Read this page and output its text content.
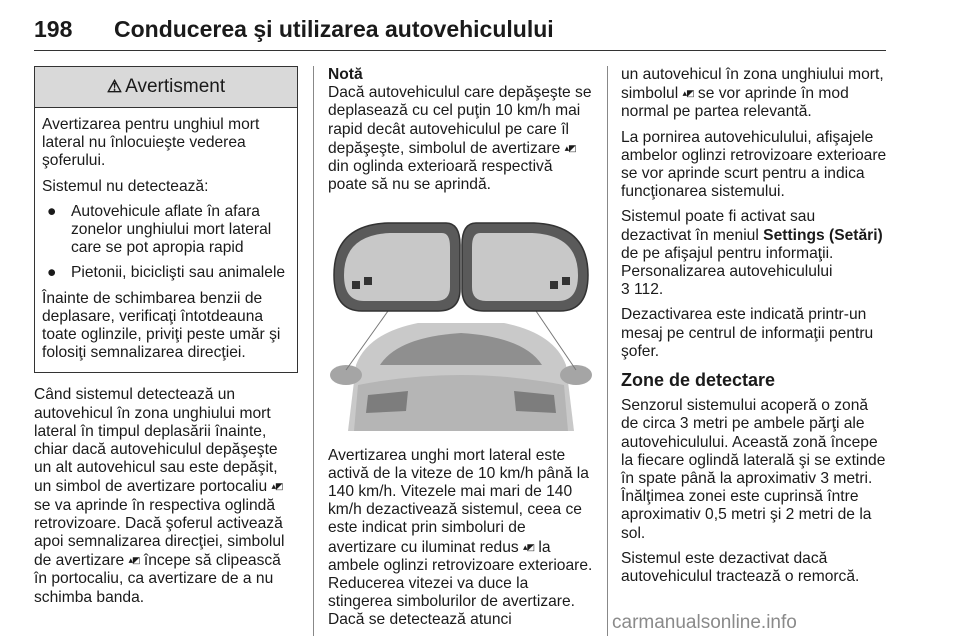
198 Conducerea şi utilizarea autovehiculului
⚠ Avertisment

Avertizarea pentru unghiul mort lateral nu înlocuieşte vederea şoferului.

Sistemul nu detectează:

● Autovehicule aflate în afara zonelor unghiului mort lateral care se pot apropia rapid
● Pietonii, biciclişti sau animalele

Înainte de schimbarea benzii de deplasare, verificaţi întotdeauna toate oglinzile, priviţi peste umăr şi folosiţi semnalizarea direcţiei.

Când sistemul detectează un autovehicul în zona unghiului mort lateral în timpul deplasării înainte, chiar dacă autovehiculul depăşeşte un alt autovehicul sau este depăşit, un simbol de avertizare portocaliu ▴◩ se va aprinde în respectiva oglindă retrovizoare. Dacă şoferul activează apoi semnalizarea direcţiei, simbolul de avertizare ▴◩ începe să clipească în portocaliu, ca avertizare de a nu schimba banda.

Notă

Dacă autovehiculul care depăşeşte se deplasează cu cel puţin 10 km/h mai rapid decât autovehiculul pe care îl depăşeşte, simbolul de avertizare ▴◩ din oglinda exterioară respectivă poate să nu se aprindă.

Avertizarea unghi mort lateral este activă de la viteze de 10 km/h până la 140 km/h. Vitezele mai mari de 140 km/h dezactivează sistemul, ceea ce este indicat prin simboluri de avertizare cu iluminat redus ▴◩ la ambele oglinzi retrovizoare exterioare. Reducerea vitezei va duce la stingerea simbolurilor de avertizare. Dacă se detectează atunci

un autovehicul în zona unghiului mort, simbolul ▴◩ se vor aprinde în mod normal pe partea relevantă.

La pornirea autovehiculului, afişajele ambelor oglinzi retrovizoare exterioare se vor aprinde scurt pentru a indica funcţionarea sistemului.

Sistemul poate fi activat sau dezactivat în meniul Settings (Setări) de pe afişajul pentru informaţii. Personalizarea autovehiculului
3 112.

Dezactivarea este indicată printr-un mesaj pe centrul de informaţii pentru şofer.

Zone de detectare

Senzorul sistemului acoperă o zonă de circa 3 metri pe ambele părţi ale autovehiculului. Această zonă începe la fiecare oglindă laterală şi se extinde în spate până la aproximativ 3 metri. Înălţimea zonei este cuprinsă între aproximativ 0,5 metri şi 2 metri de la sol.

Sistemul este dezactivat dacă autovehiculul tractează o remorcă.

carmanualsonline.info
